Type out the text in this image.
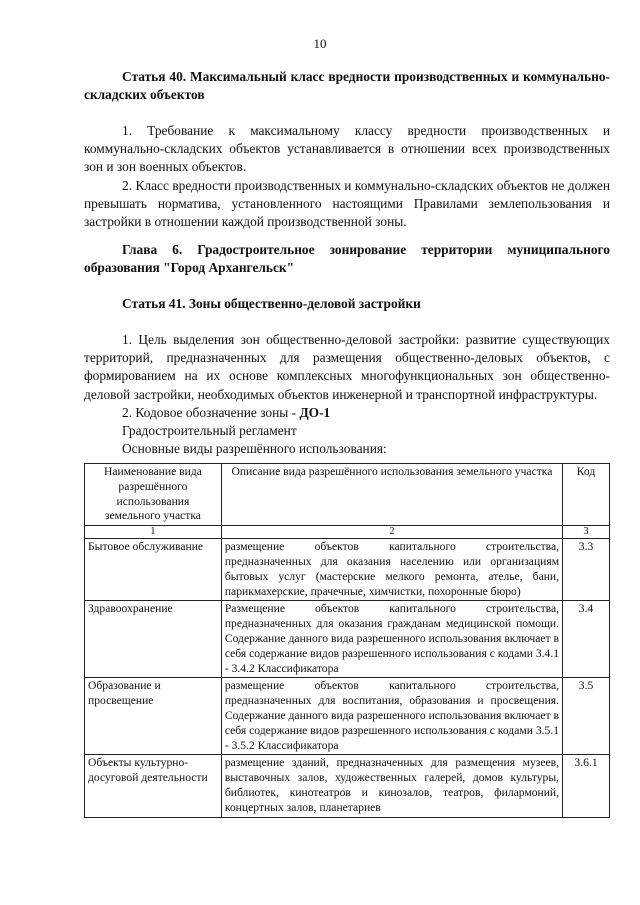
10
Статья 40. Максимальный класс вредности производственных и коммунально-складских объектов

1. Требование к максимальному классу вредности производственных и коммунально-складских объектов устанавливается в отношении всех производственных зон и зон военных объектов.

2. Класс вредности производственных и коммунально-складских объектов не должен превышать норматива, установленного настоящими Правилами землепользования и застройки в отношении каждой производственной зоны.

Глава 6. Градостроительное зонирование территории муниципального образования "Город Архангельск"
Статья 41. Зоны общественно-деловой застройки

1. Цель выделения зон общественно-деловой застройки: развитие существующих территорий, предназначенных для размещения общественно-деловых объектов, с формированием на их основе комплексных многофункциональных зон общественно-деловой застройки, необходимых объектов инженерной и транспортной инфраструктуры.

2. Кодовое обозначение зоны - ДО-1

Градостроительный регламент

Основные виды разрешённого использования:

Наименование вида разрешённого использования земельного участка	Описание вида разрешённого использования земельного участка	Код
1	2	3
Бытовое обслуживание	размещение объектов капитального строительства, предназначенных для оказания населению или организациям бытовых услуг (мастерские мелкого ремонта, ателье, бани, парикмахерские, прачечные, химчистки, похоронные бюро)	3.3
Здравоохранение	Размещение объектов капитального строительства, предназначенных для оказания гражданам медицинской помощи. Содержание данного вида разрешенного использования включает в себя содержание видов разрешенного использования с кодами 3.4.1 - 3.4.2 Классификатора	3.4
Образование и просвещение	размещение объектов капитального строительства, предназначенных для воспитания, образования и просвещения. Содержание данного вида разрешенного использования включает в себя содержание видов разрешенного использования с кодами 3.5.1 - 3.5.2 Классификатора	3.5
Объекты культурно-досуговой деятельности	размещение зданий, предназначенных для размещения музеев, выставочных залов, художественных галерей, домов культуры, библиотек, кинотеатров и кинозалов, театров, филармоний, концертных залов, планетариев	3.6.1
